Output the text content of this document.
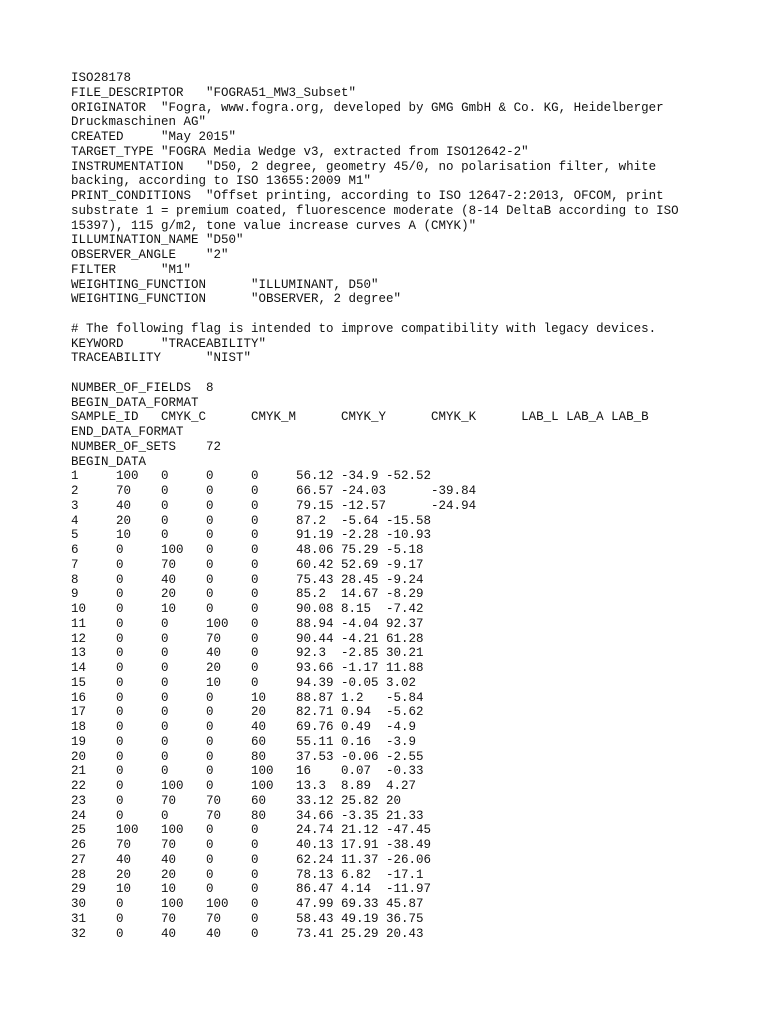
ISO28178
FILE_DESCRIPTOR   "FOGRA51_MW3_Subset"
ORIGINATOR  "Fogra, www.fogra.org, developed by GMG GmbH & Co. KG, Heidelberger
Druckmaschinen AG"
CREATED     "May 2015"
TARGET_TYPE "FOGRA Media Wedge v3, extracted from ISO12642-2"
INSTRUMENTATION   "D50, 2 degree, geometry 45/0, no polarisation filter, white
backing, according to ISO 13655:2009 M1"
PRINT_CONDITIONS  "Offset printing, according to ISO 12647-2:2013, OFCOM, print
substrate 1 = premium coated, fluorescence moderate (8-14 DeltaB according to ISO
15397), 115 g/m2, tone value increase curves A (CMYK)"
ILLUMINATION_NAME "D50"
OBSERVER_ANGLE    "2"
FILTER      "M1"
WEIGHTING_FUNCTION      "ILLUMINANT, D50"
WEIGHTING_FUNCTION      "OBSERVER, 2 degree"
# The following flag is intended to improve compatibility with legacy devices.
KEYWORD     "TRACEABILITY"
TRACEABILITY      "NIST"
NUMBER_OF_FIELDS  8
BEGIN_DATA_FORMAT
SAMPLE_ID   CMYK_C      CMYK_M      CMYK_Y      CMYK_K      LAB_L LAB_A LAB_B
END_DATA_FORMAT
NUMBER_OF_SETS    72
BEGIN_DATA
1     100   0     0     0     56.12 -34.9 -52.52
2     70    0     0     0     66.57 -24.03      -39.84
3     40    0     0     0     79.15 -12.57      -24.94
4     20    0     0     0     87.2  -5.64 -15.58
5     10    0     0     0     91.19 -2.28 -10.93
6     0     100   0     0     48.06 75.29 -5.18
7     0     70    0     0     60.42 52.69 -9.17
8     0     40    0     0     75.43 28.45 -9.24
9     0     20    0     0     85.2  14.67 -8.29
10    0     10    0     0     90.08 8.15  -7.42
11    0     0     100   0     88.94 -4.04 92.37
12    0     0     70    0     90.44 -4.21 61.28
13    0     0     40    0     92.3  -2.85 30.21
14    0     0     20    0     93.66 -1.17 11.88
15    0     0     10    0     94.39 -0.05 3.02
16    0     0     0     10    88.87 1.2   -5.84
17    0     0     0     20    82.71 0.94  -5.62
18    0     0     0     40    69.76 0.49  -4.9
19    0     0     0     60    55.11 0.16  -3.9
20    0     0     0     80    37.53 -0.06 -2.55
21    0     0     0     100   16    0.07  -0.33
22    0     100   0     100   13.3  8.89  4.27
23    0     70    70    60    33.12 25.82 20
24    0     0     70    80    34.66 -3.35 21.33
25    100   100   0     0     24.74 21.12 -47.45
26    70    70    0     0     40.13 17.91 -38.49
27    40    40    0     0     62.24 11.37 -26.06
28    20    20    0     0     78.13 6.82  -17.1
29    10    10    0     0     86.47 4.14  -11.97
30    0     100   100   0     47.99 69.33 45.87
31    0     70    70    0     58.43 49.19 36.75
32    0     40    40    0     73.41 25.29 20.43
